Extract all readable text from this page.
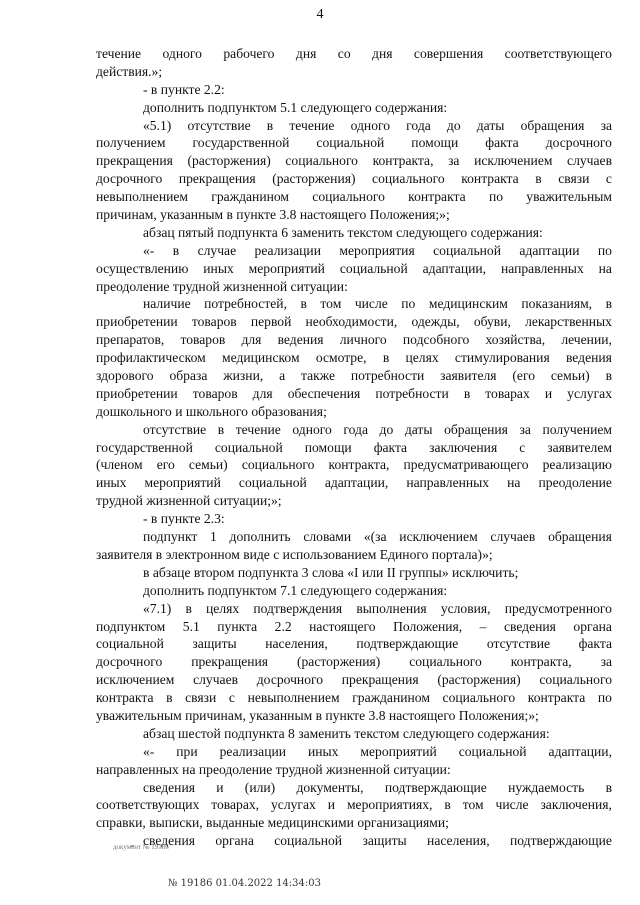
4
течение одного рабочего дня со дня совершения соответствующего
действия.»;
- в пункте 2.2:
дополнить подпунктом 5.1 следующего содержания:
«5.1) отсутствие в течение одного года до даты обращения за
получением государственной социальной помощи факта досрочного
прекращения (расторжения) социального контракта, за исключением случаев
досрочного прекращения (расторжения) социального контракта в связи с
невыполнением гражданином социального контракта по уважительным
причинам, указанным в пункте 3.8 настоящего Положения;»;
абзац пятый подпункта 6 заменить текстом следующего содержания:
«- в случае реализации мероприятия социальной адаптации по
осуществлению иных мероприятий социальной адаптации, направленных на
преодоление трудной жизненной ситуации:
наличие потребностей, в том числе по медицинским показаниям, в
приобретении товаров первой необходимости, одежды, обуви, лекарственных
препаратов, товаров для ведения личного подсобного хозяйства, лечении,
профилактическом медицинском осмотре, в целях стимулирования ведения
здорового образа жизни, а также потребности заявителя (его семьи) в
приобретении товаров для обеспечения потребности в товарах и услугах
дошкольного и школьного образования;
отсутствие в течение одного года до даты обращения за получением
государственной социальной помощи факта заключения с заявителем
(членом его семьи) социального контракта, предусматривающего реализацию
иных мероприятий социальной адаптации, направленных на преодоление
трудной жизненной ситуации;»;
- в пункте 2.3:
подпункт 1 дополнить словами «(за исключением случаев обращения
заявителя в электронном виде с использованием Единого портала)»;
в абзаце втором подпункта 3 слова «I или II группы» исключить;
дополнить подпунктом 7.1 следующего содержания:
«7.1) в целях подтверждения выполнения условия, предусмотренного
подпунктом 5.1 пункта 2.2 настоящего Положения, – сведения органа
социальной защиты населения, подтверждающие отсутствие факта
досрочного прекращения (расторжения) социального контракта, за
исключением случаев досрочного прекращения (расторжения) социального
контракта в связи с невыполнением гражданином социального контракта по
уважительным причинам, указанным в пункте 3.8 настоящего Положения;»;
абзац шестой подпункта 8 заменить текстом следующего содержания:
«- при реализации иных мероприятий социальной адаптации,
направленных на преодоление трудной жизненной ситуации:
сведения и (или) документы, подтверждающие нуждаемость в
соответствующих товарах, услугах и мероприятиях, в том числе заключения,
справки, выписки, выданные медицинскими организациями;
сведения органа социальной защиты населения, подтверждающие
документ № 19186
№ 19186 01.04.2022 14:34:03
